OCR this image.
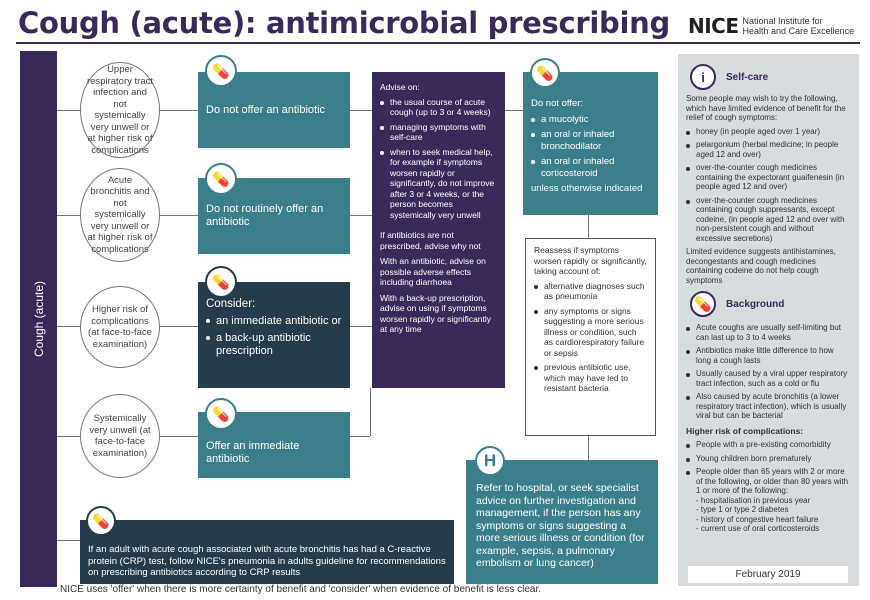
Cough (acute): antimicrobial prescribing NICE National Institute for
Health and Care Excellence
Cough (acute)
Upper respiratory tract infection and not systemically very unwell or at higher risk of complications
Acute bronchitis and not systemically very unwell or at higher risk of complications
Higher risk of complications (at face-to-face examination)
Systemically very unwell (at face-to-face examination)
Do not offer an antibiotic
💊
Do not routinely offer an antibiotic
💊
Consider:
an immediate antibiotic or
a back-up antibiotic prescription
💊
Offer an immediate antibiotic
💊
Advise on:
the usual course of acute cough (up to 3 or 4 weeks)
managing symptoms with self-care
when to seek medical help, for example if symptoms worsen rapidly or significantly, do not improve after 3 or 4 weeks, or the person becomes systemically very unwell

If antibiotics are not prescribed, advise why not

With an antibiotic, advise on possible adverse effects including diarrhoea

With a back-up prescription, advise on using if symptoms worsen rapidly or significantly at any time

Do not offer:
a mucolytic
an oral or inhaled bronchodilator
an oral or inhaled corticosteroid
unless otherwise indicated
💊
Reassess if symptoms worsen rapidly or significantly, taking account of:
alternative diagnoses such as pneumonia
any symptoms or signs suggesting a more serious illness or condition, such as cardiorespiratory failure or sepsis
previous antibiotic use, which may have led to resistant bacteria
Refer to hospital, or seek specialist advice on further investigation and management, if the person has any symptoms or signs suggesting a more serious illness or condition (for example, sepsis, a pulmonary embolism or lung cancer)
H
If an adult with acute cough associated with acute bronchitis has had a C-reactive protein (CRP) test, follow NICE's pneumonia in adults guideline for recommendations on prescribing antibiotics according to CRP results
💊
i	Self-care

Some people may wish to try the following, which have limited evidence of benefit for the relief of cough symptoms:

honey (in people aged over 1 year)
pelargonium (herbal medicine; in people aged 12 and over)
over-the-counter cough medicines containing the expectorant guaifenesin (in people aged 12 and over)
over-the-counter cough medicines containing cough suppressants, except codeine, (in people aged 12 and over with non-persistent cough and without excessive secretions)

Limited evidence suggests antihistamines, decongestants and cough medicines containing codeine do not help cough symptoms

💊	Background
Acute coughs are usually self-limiting but can last up to 3 to 4 weeks
Antibiotics make little difference to how long a cough lasts
Usually caused by a viral upper respiratory tract infection, such as a cold or flu
Also caused by acute bronchitis (a lower respiratory tract infection), which is usually viral but can be bacterial

Higher risk of complications:

People with a pre-existing comorbidity
Young children born prematurely
People older than 65 years with 2 or more of the following, or older than 80 years with 1 or more of the following:

- hospitalisation in previous year

- type 1 or type 2 diabetes

- history of congestive heart failure

- current use of oral corticosteroids

February 2019
NICE uses 'offer' when there is more certainty of benefit and 'consider' when evidence of benefit is less clear.
